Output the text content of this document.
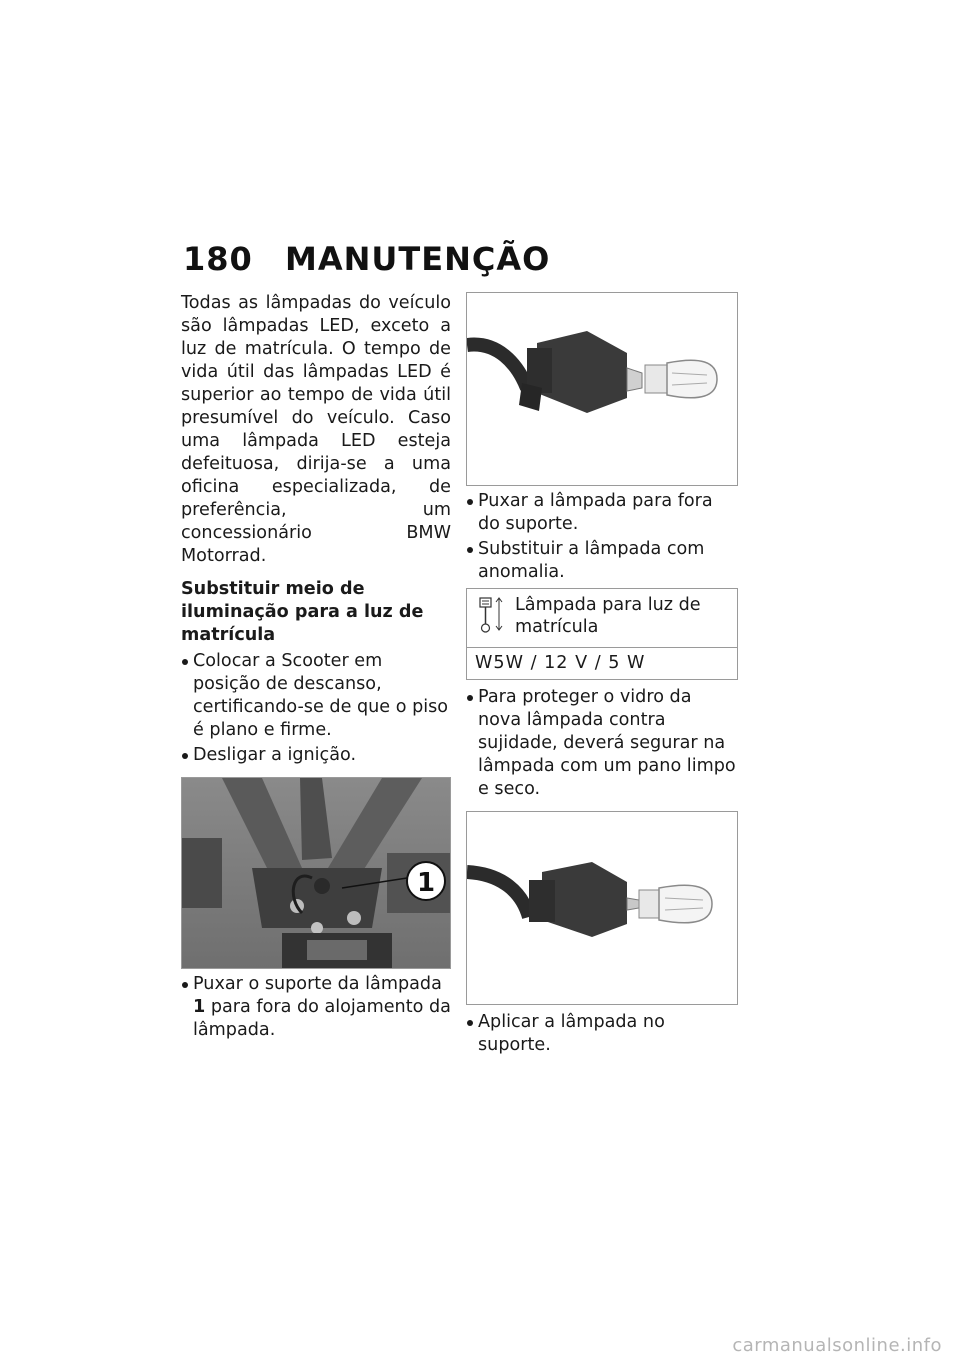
180 MANUTENÇÃO

Todas as lâmpadas do veículo são lâmpadas LED, exceto a luz de matrícula. O tempo de vida útil das lâmpadas LED é superior ao tempo de vida útil presumível do veículo. Caso uma lâmpada LED esteja defeituosa, dirija-se a uma oficina especializada, de preferência, um concessionário BMW Motorrad.

Substituir meio de iluminação para a luz de matrícula

Colocar a Scooter em posição de descanso, certificando-se de que o piso é plano e firme.

Desligar a ignição.

1

Puxar o suporte da lâmpada 1 para fora do alojamento da lâmpada.

Puxar a lâmpada para fora do suporte.

Substituir a lâmpada com anomalia.

Lâmpada para luz de matrícula
W5W / 12 V / 5 W

Para proteger o vidro da nova lâmpada contra sujidade, deverá segurar na lâmpada com um pano limpo e seco.

Aplicar a lâmpada no suporte.

carmanualsonline.info
